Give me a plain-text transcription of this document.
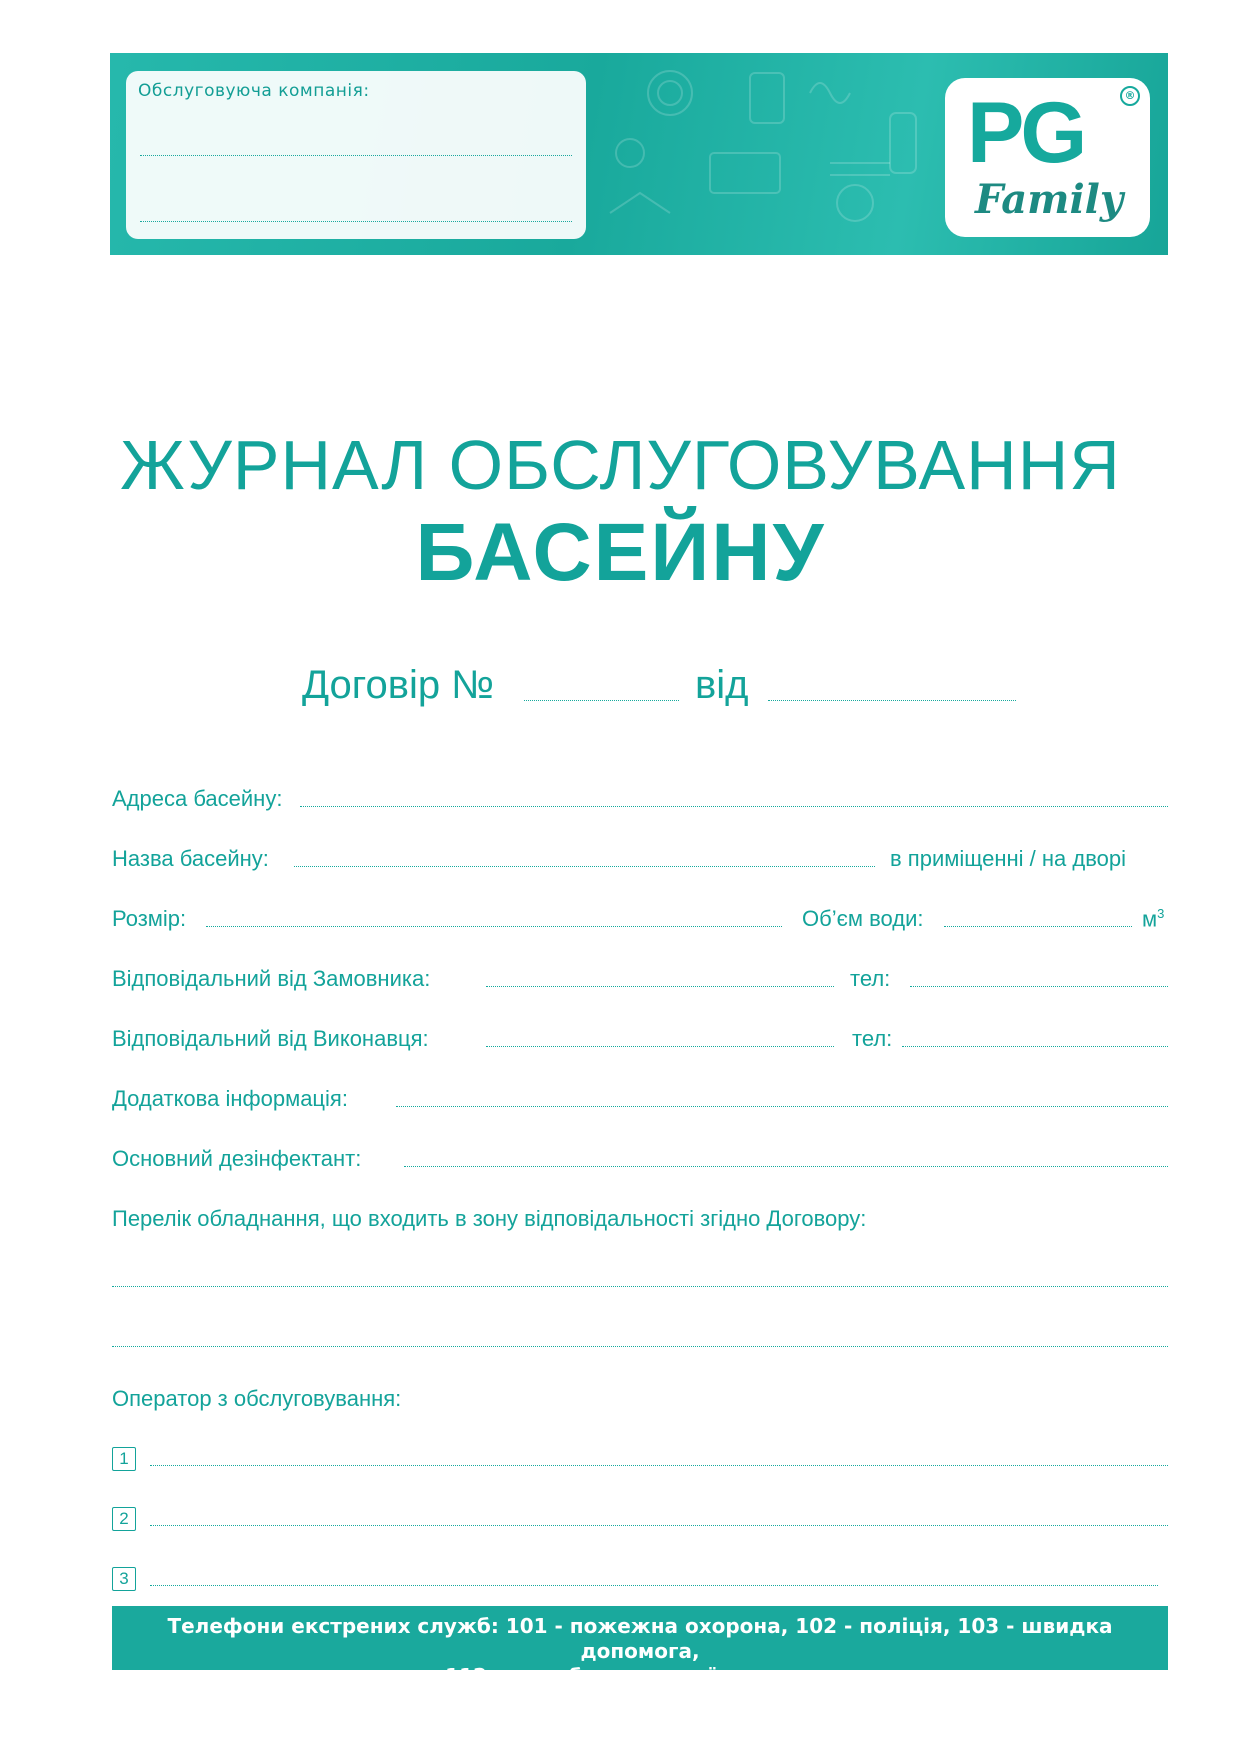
Обслуговуюча компанія:	PG	®
Family
ЖУРНАЛ ОБСЛУГОВУВАННЯ
БАСЕЙНУ
Договір №	від
Адреса басейну:
Назва басейну:	в приміщенні / на дворі
Розмір:	Об’єм води:	$м^3$
Відповідальний від Замовника:	тел:
Відповідальний від Виконавця:	тел:
Додаткова інформація:
Основний дезінфектант:
Перелік обладнання, що входить в зону відповідальності згідно Договору:
Оператор з обслуговування:
1
2
3
Телефони екстрених служб: 101 - пожежна охорона, 102 - поліція, 103 - швидка допомога,
112 - служба екстреної допомоги
